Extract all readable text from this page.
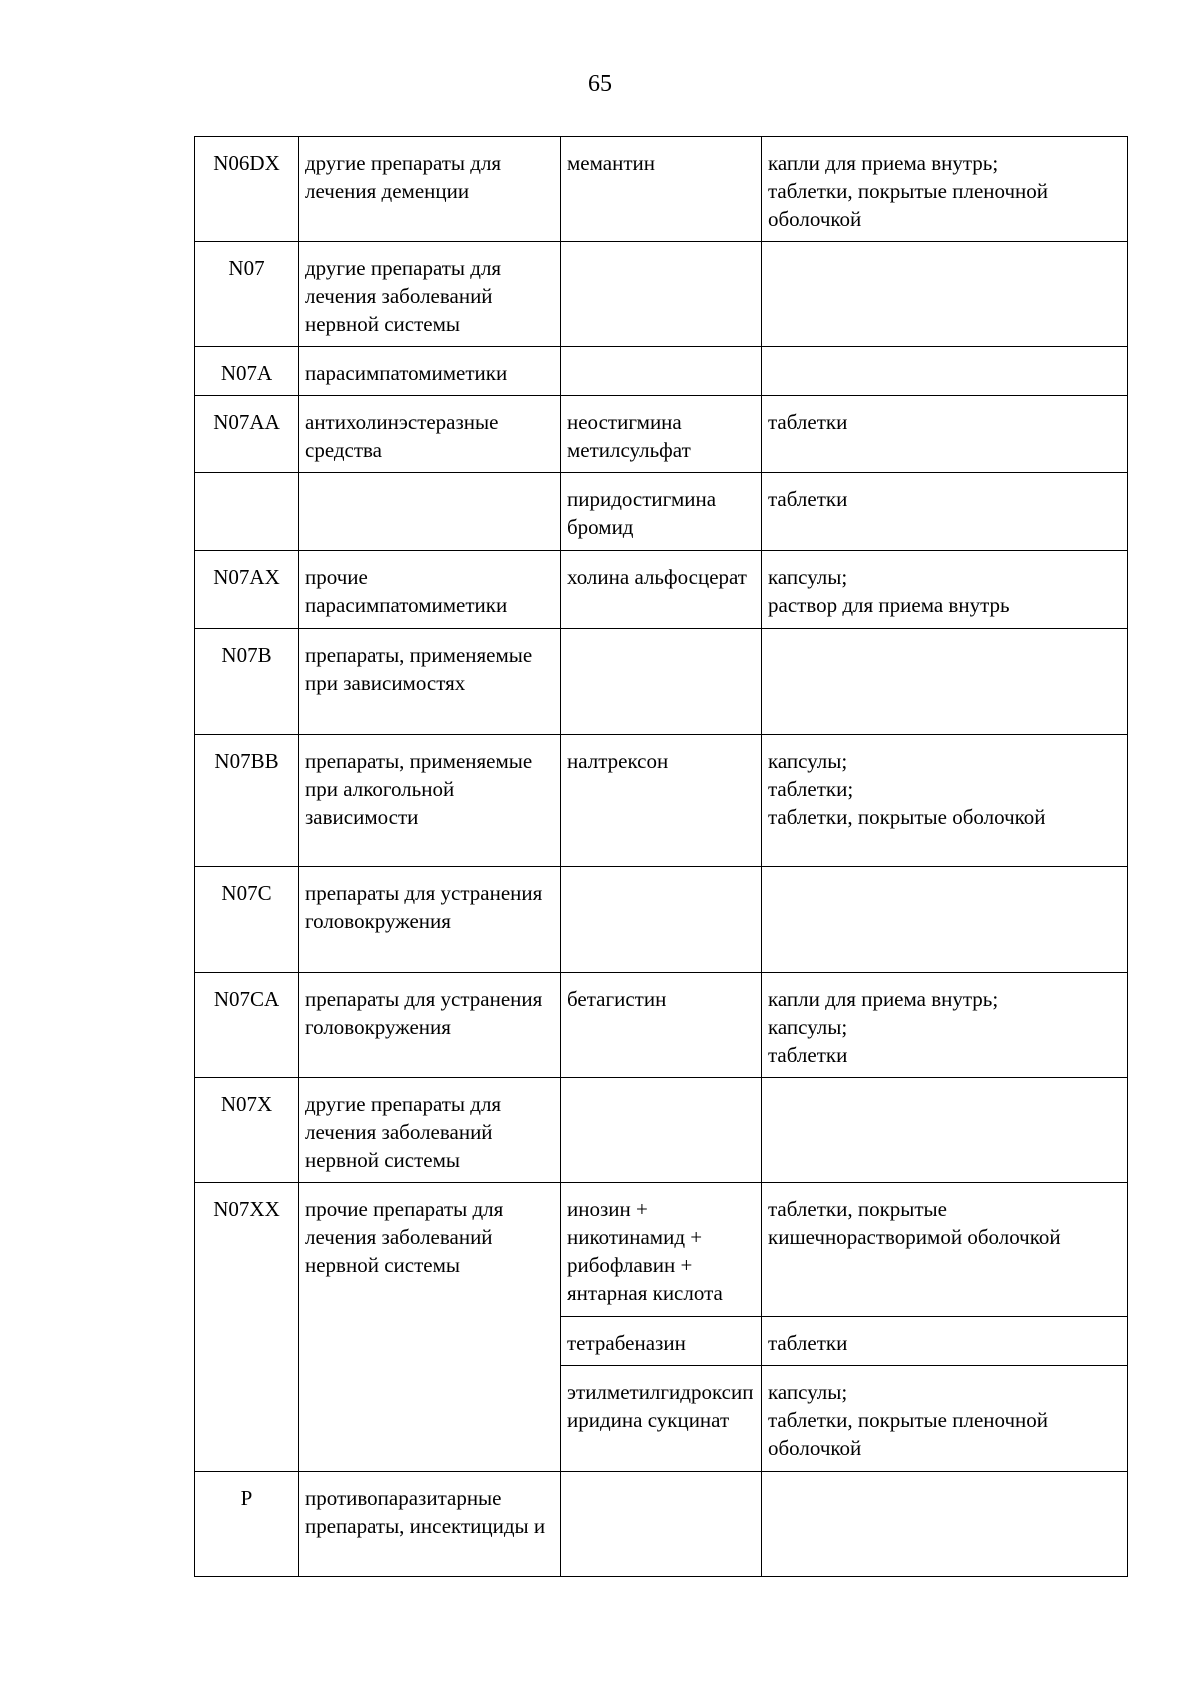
65
N06DX	другие препараты для лечения деменции	мемантин	капли для приема внутрь;
таблетки, покрытые пленочной оболочкой

N07	другие препараты для лечения заболеваний нервной системы		
N07A	парасимпатомиметики		
N07AA	антихолинэстеразные средства	неостигмина метилсульфат	таблетки

		пиридостигмина бромид	таблетки

N07AX	прочие парасимпатомиметики	холина альфосцерат	капсулы;
раствор для приема внутрь

N07B	препараты, применяемые при зависимостях		
N07BB	препараты, применяемые при алкогольной зависимости	налтрексон	капсулы;
таблетки;
таблетки, покрытые оболочкой

N07C	препараты для устранения головокружения		
N07CA	препараты для устранения головокружения	бетагистин	капли для приема внутрь;
капсулы;
таблетки

N07X	другие препараты для лечения заболеваний нервной системы		
N07XX	прочие препараты для лечения заболеваний нервной системы	инозин + никотинамид + рибофлавин + янтарная кислота	таблетки, покрытые кишечнорастворимой оболочкой

		тетрабеназин	таблетки

		этилметилгидроксипиридина сукцинат	капсулы;
таблетки, покрытые пленочной оболочкой

P	противопаразитарные препараты, инсектициды и		
